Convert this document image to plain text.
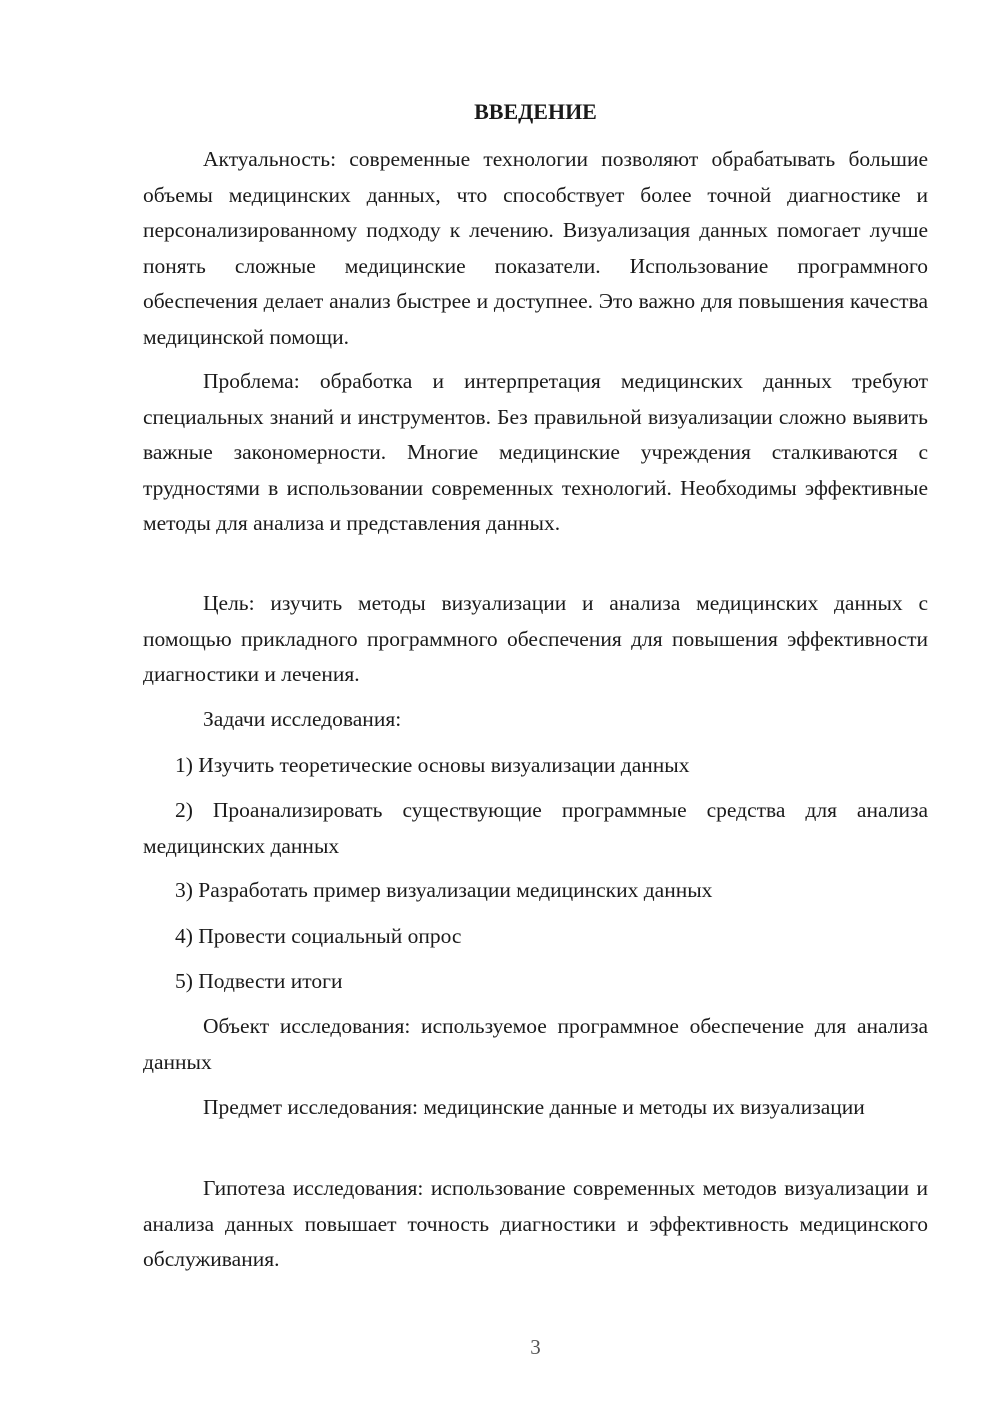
ВВЕДЕНИЕ

Актуальность: современные технологии позволяют обрабатывать большие объемы медицинских данных, что способствует более точной диагностике и персонализированному подходу к лечению. Визуализация данных помогает лучше понять сложные медицинские показатели. Использование программного обеспечения делает анализ быстрее и доступнее. Это важно для повышения качества медицинской помощи.

Проблема: обработка и интерпретация медицинских данных требуют специальных знаний и инструментов. Без правильной визуализации сложно выявить важные закономерности. Многие медицинские учреждения сталкиваются с трудностями в использовании современных технологий. Необходимы эффективные методы для анализа и представления данных.

Цель: изучить методы визуализации и анализа медицинских данных с помощью прикладного программного обеспечения для повышения эффективности диагностики и лечения.

Задачи исследования:

1) Изучить теоретические основы визуализации данных

2) Проанализировать существующие программные средства для анализа медицинских данных

3) Разработать пример визуализации медицинских данных

4) Провести социальный опрос

5) Подвести итоги

Объект исследования: используемое программное обеспечение для анализа данных

Предмет исследования: медицинские данные и методы их визуализации

Гипотеза исследования: использование современных методов визуализации и анализа данных повышает точность диагностики и эффективность медицинского обслуживания.

3
